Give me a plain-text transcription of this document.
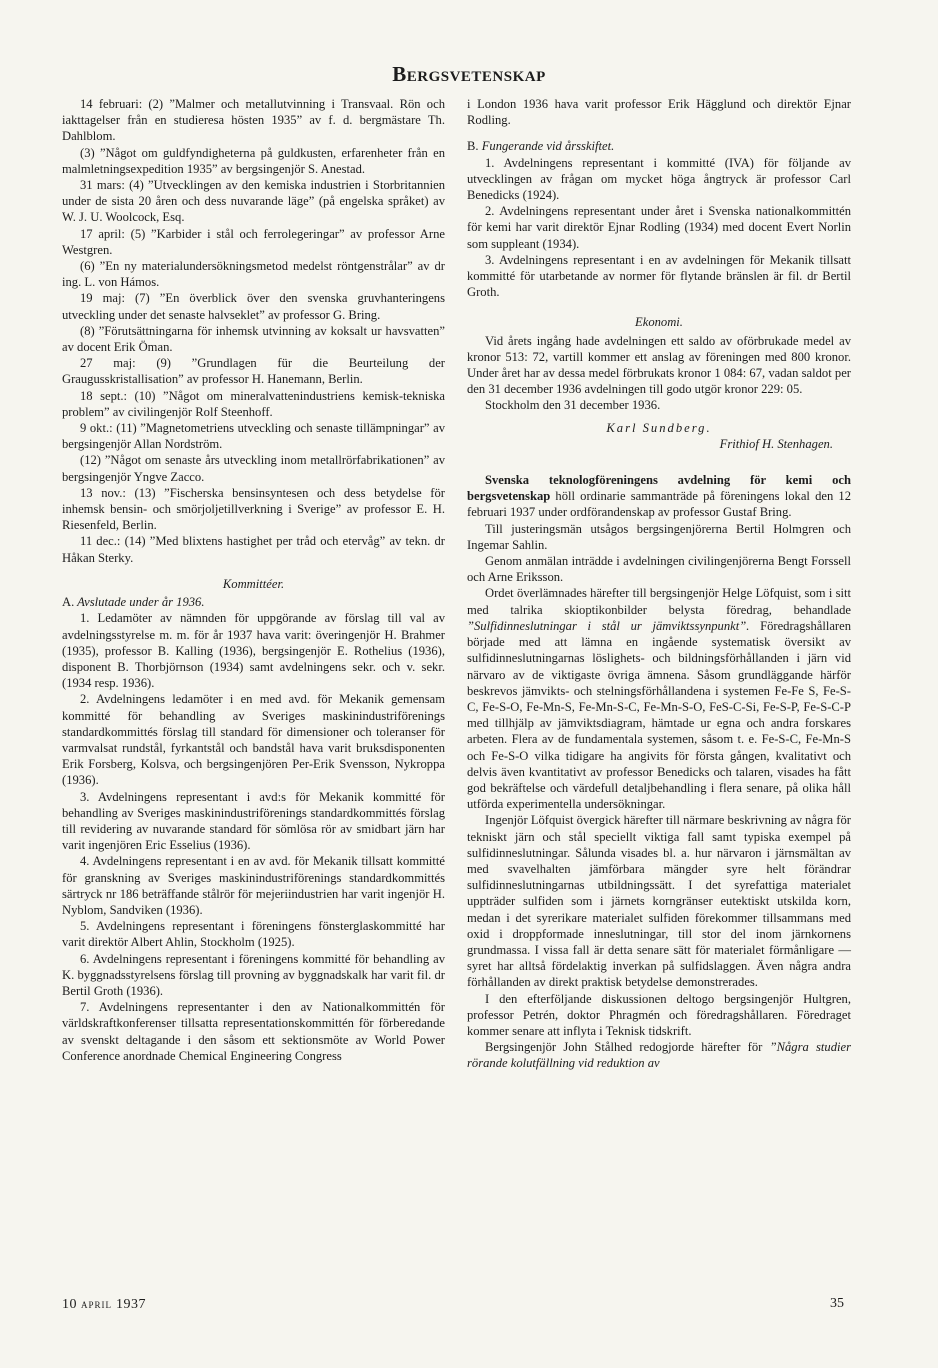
Bergsvetenskap

14 februari: (2) ”Malmer och metallutvinning i Transvaal. Rön och iakttagelser från en studieresa hösten 1935” av f. d. bergmästare Th. Dahlblom.

(3) ”Något om guldfyndigheterna på guldkusten, erfarenheter från en malmletningsexpedition 1935” av bergsingenjör S. Anestad.

31 mars: (4) ”Utvecklingen av den kemiska industrien i Storbritannien under de sista 20 åren och dess nuvarande läge” (på engelska språket) av W. J. U. Woolcock, Esq.

17 april: (5) ”Karbider i stål och ferrolegeringar” av professor Arne Westgren.

(6) ”En ny materialundersökningsmetod medelst röntgenstrålar” av dr ing. L. von Hámos.

19 maj: (7) ”En överblick över den svenska gruvhanteringens utveckling under det senaste halvseklet” av professor G. Bring.

(8) ”Förutsättningarna för inhemsk utvinning av koksalt ur havsvatten” av docent Erik Öman.

27 maj: (9) ”Grundlagen für die Beurteilung der Graugusskristallisation” av professor H. Hanemann, Berlin.

18 sept.: (10) ”Något om mineralvattenindustriens kemisk-tekniska problem” av civilingenjör Rolf Steenhoff.

9 okt.: (11) ”Magnetometriens utveckling och senaste tillämpningar” av bergsingenjör Allan Nordström.

(12) ”Något om senaste års utveckling inom metallrörfabrikationen” av bergsingenjör Yngve Zacco.

13 nov.: (13) ”Fischerska bensinsyntesen och dess betydelse för inhemsk bensin- och smörjoljetillverkning i Sverige” av professor E. H. Riesenfeld, Berlin.

11 dec.: (14) ”Med blixtens hastighet per tråd och etervåg” av tekn. dr Håkan Sterky.

Kommittéer.

A. Avslutade under år 1936.

1. Ledamöter av nämnden för uppgörande av förslag till val av avdelningsstyrelse m. m. för år 1937 hava varit: överingenjör H. Brahmer (1935), professor B. Kalling (1936), bergsingenjör E. Rothelius (1936), disponent B. Thorbjörnson (1934) samt avdelningens sekr. och v. sekr. (1934 resp. 1936).

2. Avdelningens ledamöter i en med avd. för Mekanik gemensam kommitté för behandling av Sveriges maskinindustriförenings standardkommittés förslag till standard för dimensioner och toleranser för varmvalsat rundstål, fyrkantstål och bandstål hava varit bruksdisponenten Erik Forsberg, Kolsva, och bergsingenjören Per-Erik Svensson, Nykroppa (1936).

3. Avdelningens representant i avd:s för Mekanik kommitté för behandling av Sveriges maskinindustriförenings standardkommittés förslag till revidering av nuvarande standard för sömlösa rör av smidbart järn har varit ingenjören Eric Esselius (1936).

4. Avdelningens representant i en av avd. för Mekanik tillsatt kommitté för granskning av Sveriges maskinindustriförenings standardkommittés särtryck nr 186 beträffande stålrör för mejeriindustrien har varit ingenjör H. Nyblom, Sandviken (1936).

5. Avdelningens representant i föreningens fönsterglaskommitté har varit direktör Albert Ahlin, Stockholm (1925).

6. Avdelningens representant i föreningens kommitté för behandling av K. byggnadsstyrelsens förslag till provning av byggnadskalk har varit fil. dr Bertil Groth (1936).

7. Avdelningens representanter i den av Nationalkommittén för världskraftkonferenser tillsatta representationskommittén för förberedande av svenskt deltagande i den såsom ett sektionsmöte av World Power Conference anordnade Chemical Engineering Congress

i London 1936 hava varit professor Erik Hägglund och direktör Ejnar Rodling.

B. Fungerande vid årsskiftet.

1. Avdelningens representant i kommitté (IVA) för följande av utvecklingen av frågan om mycket höga ångtryck är professor Carl Benedicks (1924).

2. Avdelningens representant under året i Svenska nationalkommittén för kemi har varit direktör Ejnar Rodling (1934) med docent Evert Norlin som suppleant (1934).

3. Avdelningens representant i en av avdelningen för Mekanik tillsatt kommitté för utarbetande av normer för flytande bränslen är fil. dr Bertil Groth.

Ekonomi.

Vid årets ingång hade avdelningen ett saldo av oförbrukade medel av kronor 513: 72, vartill kommer ett anslag av föreningen med 800 kronor. Under året har av dessa medel förbrukats kronor 1 084: 67, vadan saldot per den 31 december 1936 avdelningen till godo utgör kronor 229: 05.

Stockholm den 31 december 1936.

Karl Sundberg.
Frithiof H. Stenhagen.

Svenska teknologföreningens avdelning för kemi och bergsvetenskap höll ordinarie sammanträde på föreningens lokal den 12 februari 1937 under ordförandenskap av professor Gustaf Bring.

Till justeringsmän utsågos bergsingenjörerna Bertil Holmgren och Ingemar Sahlin.

Genom anmälan inträdde i avdelningen civilingenjörerna Bengt Forssell och Arne Eriksson.

Ordet överlämnades härefter till bergsingenjör Helge Löfquist, som i sitt med talrika skioptikonbilder belysta föredrag, behandlade ”Sulfidinneslutningar i stål ur jämviktssynpunkt”. Föredragshållaren började med att lämna en ingående systematisk översikt av sulfidinneslutningarnas löslighets- och bildningsförhållanden i järn vid närvaro av de viktigaste övriga ämnena. Såsom grundläggande härför beskrevos jämvikts- och stelningsförhållandena i systemen Fe-Fe S, Fe-S-C, Fe-S-O, Fe-Mn-S, Fe-Mn-S-C, Fe-Mn-S-O, FeS-C-Si, Fe-S-P, Fe-S-C-P med tillhjälp av jämviktsdiagram, hämtade ur egna och andra forskares arbeten. Flera av de fundamentala systemen, såsom t. e. Fe-S-C, Fe-Mn-S och Fe-S-O vilka tidigare ha angivits för första gången, kvalitativt och delvis även kvantitativt av professor Benedicks och talaren, visades ha fått god bekräftelse och värdefull detaljbehandling i flera senare, på olika håll utförda experimentella undersökningar.

Ingenjör Löfquist övergick härefter till närmare beskrivning av några för tekniskt järn och stål speciellt viktiga fall samt typiska exempel på sulfidinneslutningar. Sålunda visades bl. a. hur närvaron i järnsmältan av med svavelhalten jämförbara mängder syre helt förändrar sulfidinneslutningarnas utbildningssätt. I det syrefattiga materialet uppträder sulfiden som i järnets korngränser eutektiskt utskilda korn, medan i det syrerikare materialet sulfiden förekommer tillsammans med oxid i droppformade inneslutningar, till stor del inom järnkornens grundmassa. I vissa fall är detta senare sätt för materialet förmånligare — syret har alltså fördelaktig inverkan på sulfidslaggen. Även några andra förhållanden av direkt praktisk betydelse demonstrerades.

I den efterföljande diskussionen deltogo bergsingenjör Hultgren, professor Petrén, doktor Phragmén och föredragshållaren. Föredraget kommer senare att inflyta i Teknisk tidskrift.

Bergsingenjör John Stålhed redogjorde härefter för ”Några studier rörande kolutfällning vid reduktion av

10 april 1937	35
